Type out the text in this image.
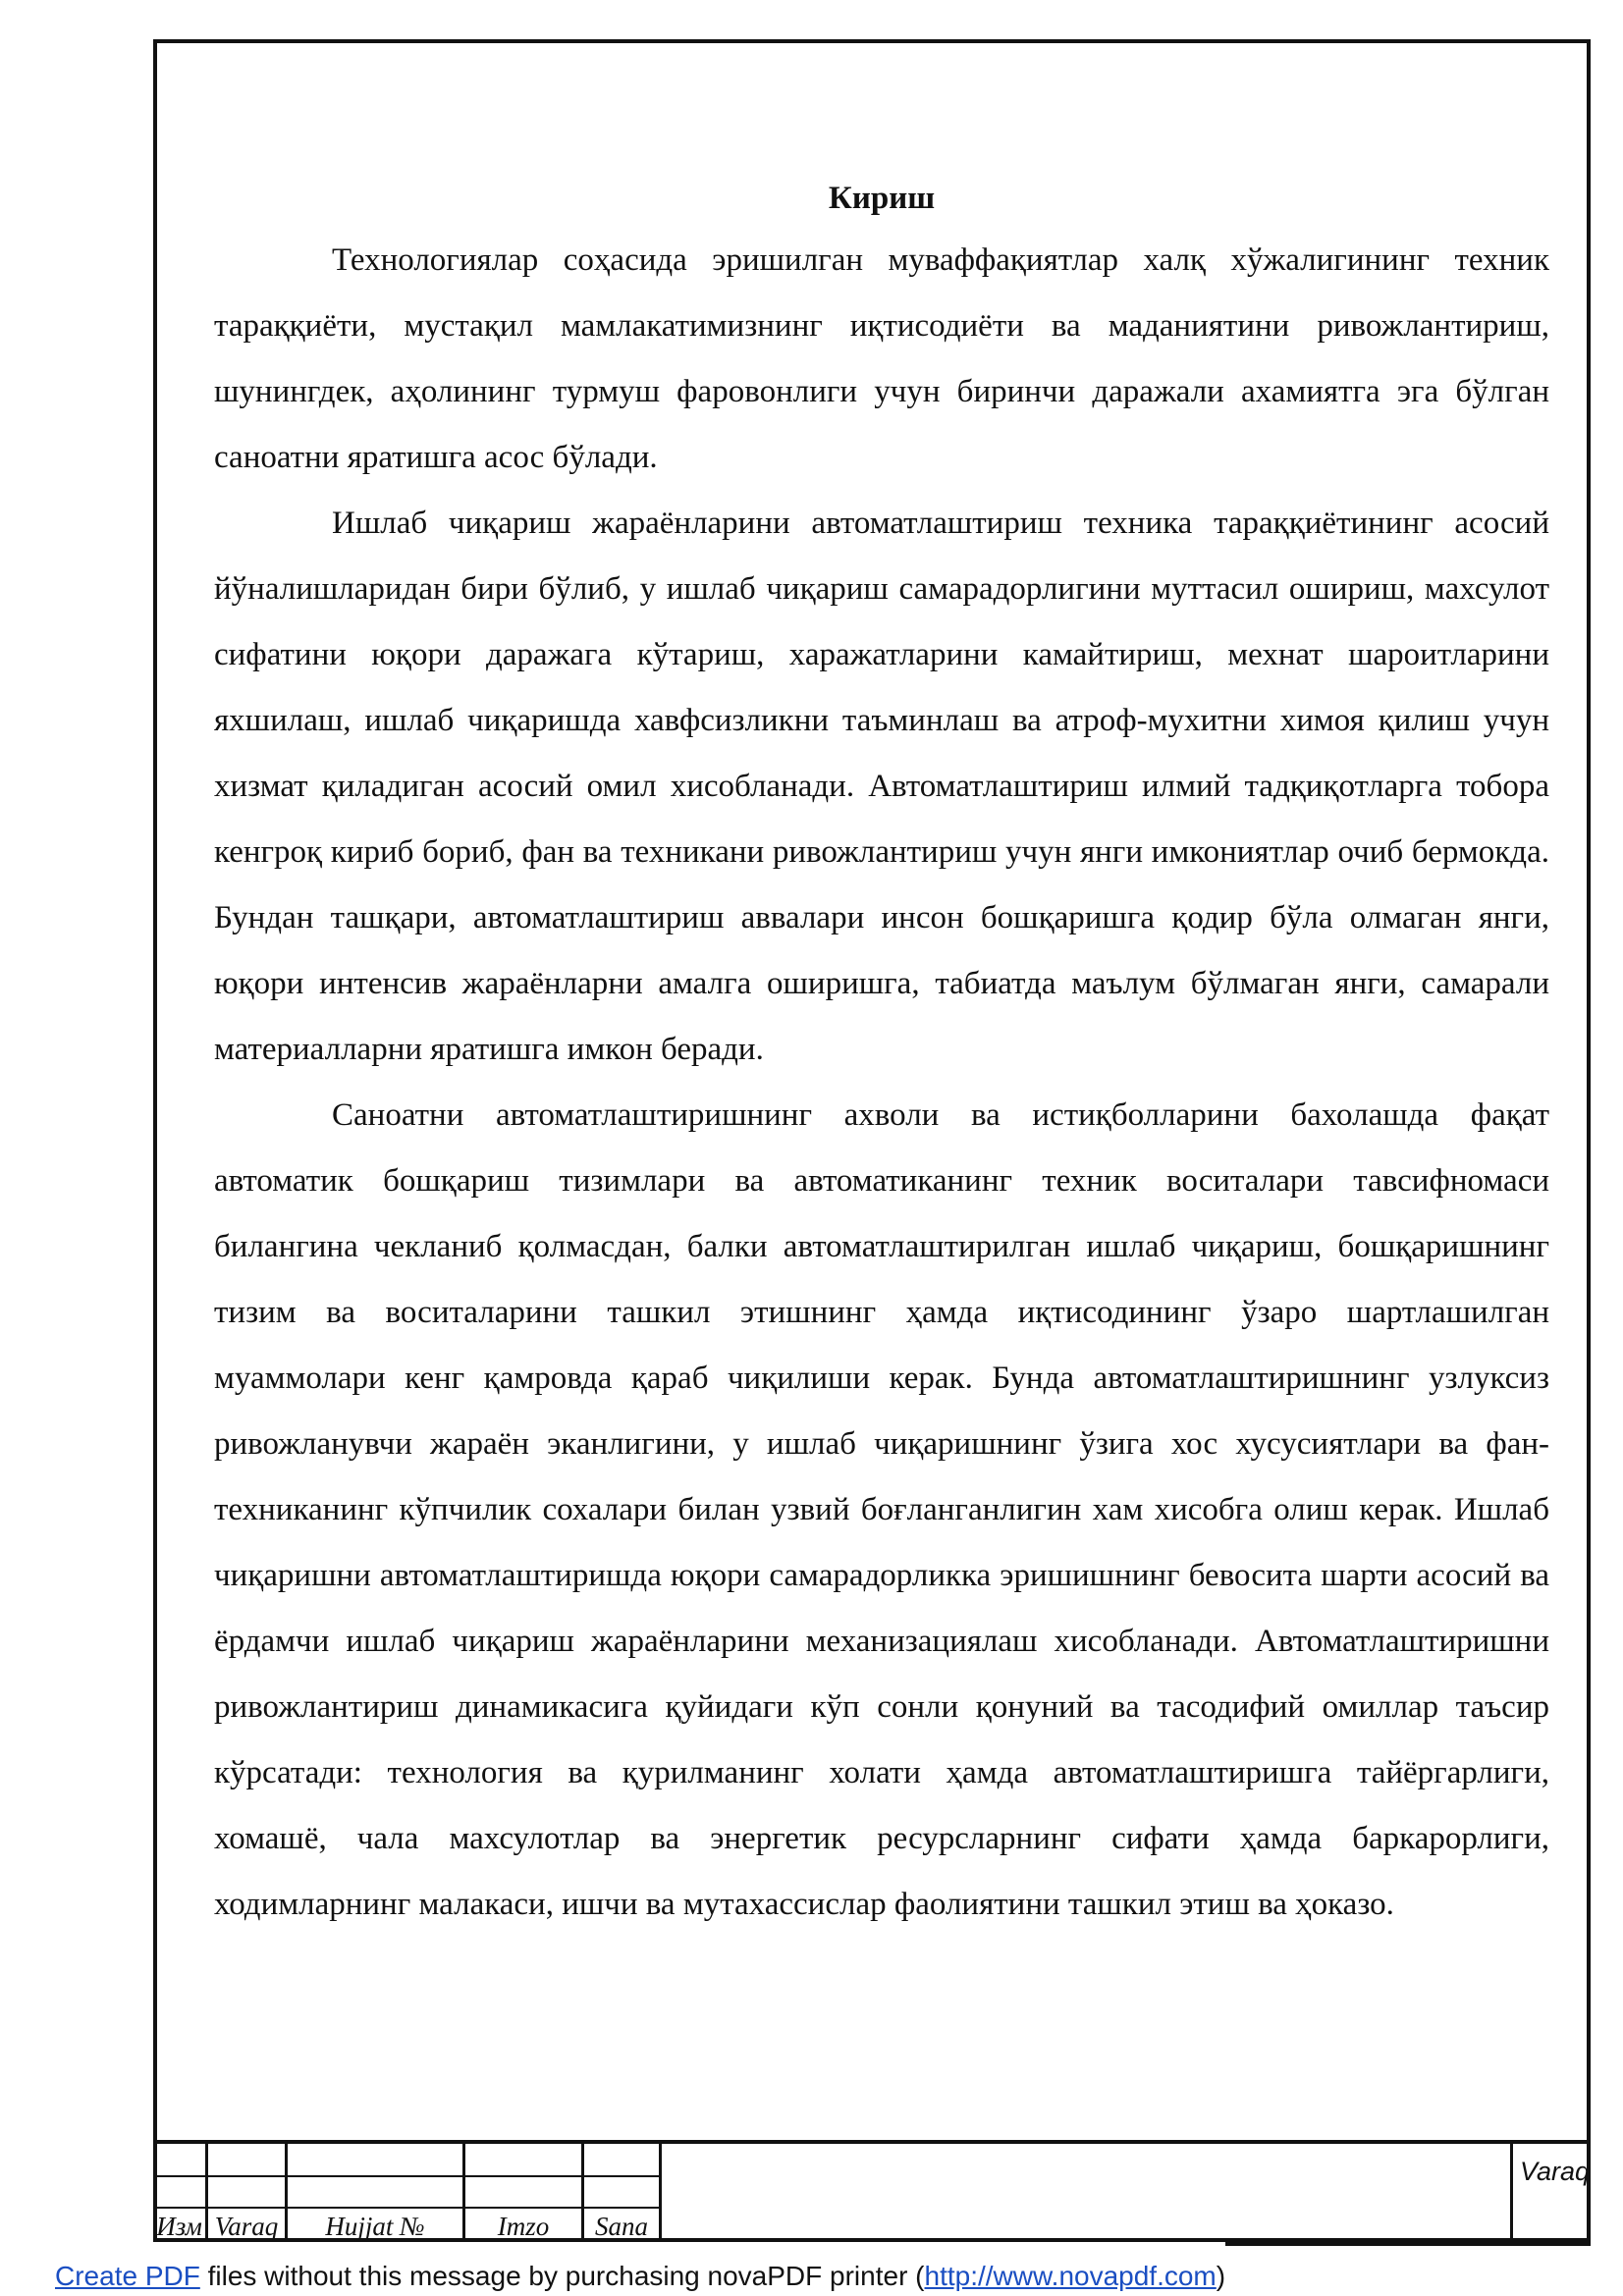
Кириш

Технологиялар соҳасида эришилган муваффақиятлар халқ хўжалигининг техник тараққиёти, мустақил мамлакатимизнинг иқтисодиёти ва маданиятини ривожлантириш, шунингдек, аҳолининг турмуш фаровонлиги учун биринчи даражали ахамиятга эга бўлган саноатни яратишга асос бўлади.

Ишлаб чиқариш жараёнларини автоматлаштириш техника тараққиётининг асосий йўналишларидан бири бўлиб, у ишлаб чиқариш самарадорлигини муттасил ошириш, махсулот сифатини юқори даражага кўтариш, харажатларини камайтириш, мехнат шароитларини яхшилаш, ишлаб чиқаришда хавфсизликни таъминлаш ва атроф-мухитни химоя қилиш учун хизмат қиладиган асосий омил хисобланади. Автоматлаштириш илмий тадқиқотларга тобора кенгроқ кириб бориб, фан ва техникани ривожлантириш учун янги имкониятлар очиб бермокда. Бундан ташқари, автоматлаштириш аввалари инсон бошқаришга қодир бўла олмаган янги, юқори интенсив жараёнларни амалга оширишга, табиатда маълум бўлмаган янги, самарали материалларни яратишга имкон беради.

Саноатни автоматлаштиришнинг ахволи ва истиқболларини бахолашда фақат автоматик бошқариш тизимлари ва автоматиканинг техник воситалари тавсифномаси билангина чекланиб қолмасдан, балки автоматлаштирилган ишлаб чиқариш, бошқаришнинг тизим ва воситаларини ташкил этишнинг ҳамда иқтисодининг ўзаро шартлашилган муаммолари кенг қамровда қараб чиқилиши керак. Бунда автоматлаштиришнинг узлуксиз ривожланувчи жараён эканлигини, у ишлаб чиқаришнинг ўзига хос хусусиятлари ва фан-техниканинг кўпчилик сохалари билан узвий боғланганлигин хам хисобга олиш керак. Ишлаб чиқаришни автоматлаштиришда юқори самарадорликка эришишнинг бевосита шарти асосий ва ёрдамчи ишлаб чиқариш жараёнларини механизациялаш хисобланади. Автоматлаштиришни ривожлантириш динамикасига қуйидаги кўп сонли қонуний ва тасодифий омиллар таъсир кўрсатади: технология ва қурилманинг холати ҳамда автоматлаштиришга тайёргарлиги, хомашё, чала махсулотлар ва энергетик ресурсларнинг сифати ҳамда баркарорлиги, ходимларнинг малакаси, ишчи ва мутахассислар фаолиятини ташкил этиш ва ҳоказо.

Изм Varaq	Hujjat №	Imzo	Sana
Varaq
Create PDF files without this message by purchasing novaPDF printer (http://www.novapdf.com)
